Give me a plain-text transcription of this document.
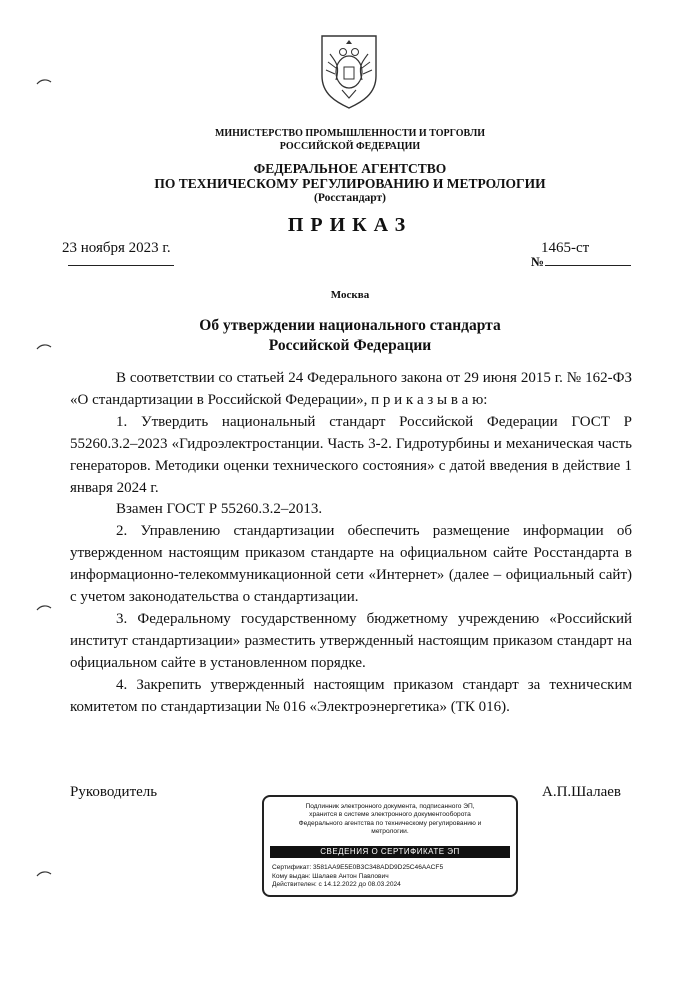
МИНИСТЕРСТВО ПРОМЫШЛЕННОСТИ И ТОРГОВЛИ
РОССИЙСКОЙ ФЕДЕРАЦИИ
ФЕДЕРАЛЬНОЕ АГЕНТСТВО
ПО ТЕХНИЧЕСКОМУ РЕГУЛИРОВАНИЮ И МЕТРОЛОГИИ
(Росстандарт)
ПРИКАЗ
23 ноября 2023 г.
№
1465-ст
Москва
Об утверждении национального стандарта
Российской Федерации

В соответствии со статьей 24 Федерального закона от 29 июня 2015 г. № 162-ФЗ «О стандартизации в Российской Федерации», п р и к а з ы в а ю:

1. Утвердить национальный стандарт Российской Федерации ГОСТ Р 55260.3.2–2023 «Гидроэлектростанции. Часть 3-2. Гидротурбины и механическая часть генераторов. Методики оценки технического состояния» с датой введения в действие 1 января 2024 г.

Взамен ГОСТ Р 55260.3.2–2013.

2. Управлению стандартизации обеспечить размещение информации об утвержденном настоящим приказом стандарте на официальном сайте Росстандарта в информационно-телекоммуникационной сети «Интернет» (далее – официальный сайт) с учетом законодательства о стандартизации.

3. Федеральному государственному бюджетному учреждению «Российский институт стандартизации» разместить утвержденный настоящим приказом стандарт на официальном сайте в установленном порядке.

4. Закрепить утвержденный настоящим приказом стандарт за техническим комитетом по стандартизации № 016 «Электроэнергетика» (ТК 016).

Руководитель	А.П.Шалаев
Подлинник электронного документа, подписанного ЭП,
хранится в системе электронного документооборота
Федерального агентства по техническому регулированию и
метрологии.
СВЕДЕНИЯ О СЕРТИФИКАТЕ ЭП
Сертификат: 3581AA9E5E0B3C348ADD9D25C46AACF5
Кому выдан: Шалаев Антон Павлович
Действителен: с 14.12.2022 до 08.03.2024
